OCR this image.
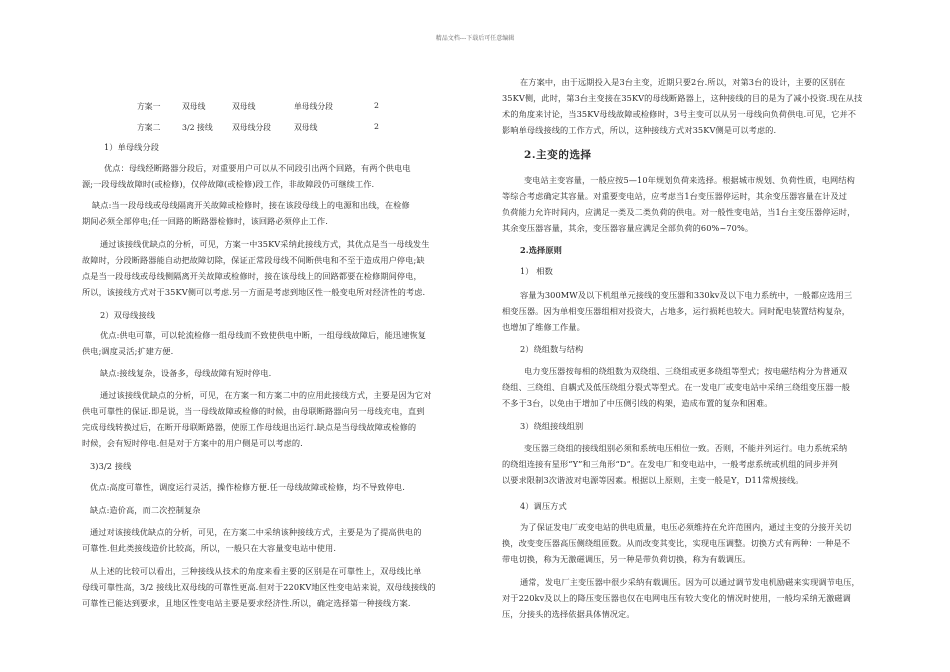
精品文档---下载后可任意编辑
方案一	双母线	双母线	单母线分段	2
方案二	3/2 接线 双母线分段	双母线	2
1）单母线分段
优点：母线经断路器分段后，对重要用户可以从不同段引出两个回路，有两个供电电
源;一段母线故障时(或检修)，仅停故障(或检修)段工作，非故障段仍可继续工作.
缺点:当一段母线或母线隔离开关故障或检修时，接在该段母线上的电源和出线，在检修
期间必须全部停电;任一回路的断路器检修时，该回路必须停止工作.
通过该接线优缺点的分析，可见，方案一中35KV采纳此接线方式，其优点是当一母线发生
故障时，分段断路器能自动把故障切除，保证正常段母线不间断供电和不至于造成用户停电;缺
点是当一段母线或母线侧隔离开关故障或检修时，接在该母线上的回路都要在检修期间停电，
所以，该接线方式对于35KV侧可以考虑.另一方面是考虑到地区性一般变电所对经济性的考虑.
2）双母线接线
优点:供电可靠，可以轮流检修一组母线而不致使供电中断，一组母线故障后，能迅速恢复
供电;调度灵活;扩建方便.
缺点:接线复杂，设备多，母线故障有短时停电.
通过该接线优缺点的分析，可见，在方案一和方案二中的应用此接线方式，主要是因为它对
供电可靠性的保证.即是说，当一母线故障或检修的时候，由母联断路器向另一母线充电，直到
完成母线转换过后，在断开母联断路器，使原工作母线退出运行.缺点是当母线故障或检修的
时候，会有短时停电.但是对于方案中的用户侧是可以考虑的.
3)3/2 接线
优点:高度可靠性，调度运行灵活，操作检修方便.任一母线故障或检修，均不导致停电.
缺点:造价高，而二次控制复杂
通过对该接线优缺点的分析，可见，在方案二中采纳该种接线方式，主要是为了提高供电的
可靠性.但此类接线造价比较高，所以，一般只在大容量变电站中使用.
从上述的比较可以看出，三种接线从技术的角度来看主要的区别是在可靠性上，双母线比单
母线可靠性高，3/2 接线比双母线的可靠性更高.但对于220KV地区性变电站来说，双母线接线的
可靠性已能达到要求，且地区性变电站主要是要求经济性.所以，确定选择第一种接线方案.
在方案中，由于远期投入是3台主变，近期只要2台.所以，对第3台的设计，主要的区别在
35KV侧，此时，第3台主变接在35KV的母线断路器上，这种接线的目的是为了减小投资.现在从技
术的角度来讨论，当35KV母线故障或检修时，3号主变可以从另一母线向负荷供电.可见，它并不
影响单母线接线的工作方式，所以，这种接线方式对35KV侧是可以考虑的.
2.主变的选择
变电站主变容量，一般应按5—10年规划负荷来选择。根据城市规划、负荷性质，电网结构
等综合考虑确定其容量。对重要变电站，应考虑当1台变压器停运时，其余变压器容量在计及过
负荷能力允许时间内，应满足一类及二类负荷的供电。对一般性变电站，当1台主变压器停运时，
其余变压器容量，其余，变压器容量应满足全部负荷的60%~70%。
2.选择原则
1） 相数
容量为300MW及以下机组单元接线的变压器和330kv及以下电力系统中，一般都应选用三
相变压器。因为单相变压器组相对投资大，占地多，运行损耗也较大。同时配电装置结构复杂，
也增加了维修工作量。
2）绕组数与结构
电力变压器按每相的绕组数为双绕组、三绕组或更多绕组等型式；按电磁结构分为普通双
绕组、三绕组、自耦式及低压绕组分裂式等型式。在一发电厂或变电站中采纳三绕组变压器一般
不多于3台，以免由于增加了中压侧引线的构架，造成布置的复杂和困难。
3）绕组接线组别
变压器三绕组的接线组别必须和系统电压相位一致。否则，不能并列运行。电力系统采纳
的绕组连接有星形“Y”和三角形“D”。在发电厂和变电站中，一般考虑系统或机组的同步并列
以要求限制3次谐波对电源等因素。根据以上原则，主变一般是Y，D11常规接线。
4）调压方式
为了保证发电厂或变电站的供电质量，电压必须维持在允许范围内，通过主变的分接开关切
换，改变变压器高压侧绕组匝数。从而改变其变比，实现电压调整。切换方式有两种：一种是不
带电切换，称为无激磁调压，另一种是带负荷切换，称为有载调压。
通常，发电厂主变压器中很少采纳有载调压。因为可以通过调节发电机励磁来实现调节电压，
对于220kv及以上的降压变压器也仅在电网电压有较大变化的情况时使用，一般均采纳无激磁调
压，分接头的选择依据具体情况定。
